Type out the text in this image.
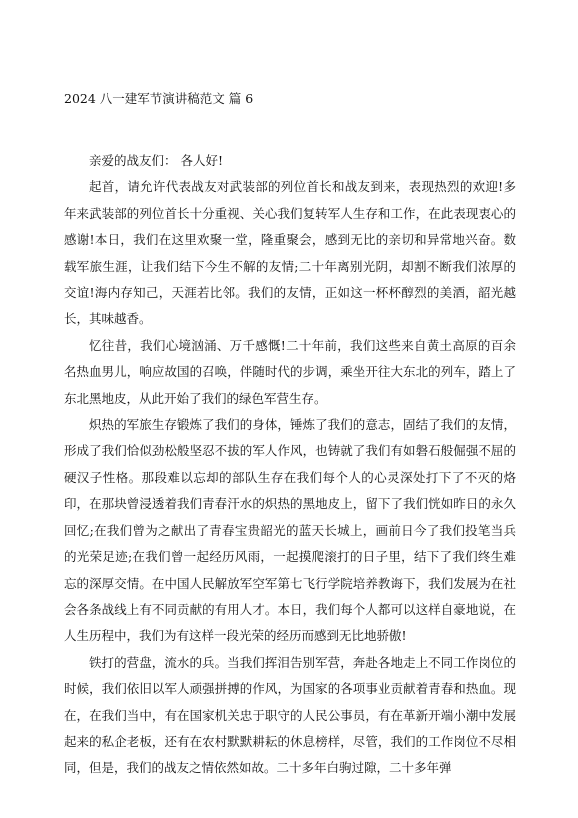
2024 八一建军节演讲稿范文 篇 6

亲爱的战友们： 各人好!

起首，请允许代表战友对武装部的列位首长和战友到来，表现热烈的欢迎!多年来武装部的列位首长十分重视、关心我们复转军人生存和工作，在此表现衷心的感谢!本日，我们在这里欢聚一堂，隆重聚会，感到无比的亲切和异常地兴奋。数载军旅生涯，让我们结下今生不解的友情;二十年离别光阴，却割不断我们浓厚的交谊!海内存知己，天涯若比邻。我们的友情，正如这一杯杯醇烈的美酒，韶光越长，其味越香。

忆往昔，我们心境汹涌、万千感慨!二十年前，我们这些来自黄土高原的百余名热血男儿，响应故国的召唤，伴随时代的步调，乘坐开往大东北的列车，踏上了东北黑地皮，从此开始了我们的绿色军营生存。

炽热的军旅生存锻炼了我们的身体，锤炼了我们的意志，固结了我们的友情，形成了我们恰似劲松般坚忍不拔的军人作风，也铸就了我们有如磐石般倔强不屈的硬汉子性格。那段难以忘却的部队生存在我们每个人的心灵深处打下了不灭的烙印，在那块曾浸透着我们青春汗水的炽热的黑地皮上，留下了我们恍如昨日的永久回忆;在我们曾为之献出了青春宝贵韶光的蓝天长城上，画前日今了我们投笔当兵的光荣足迹;在我们曾一起经历风雨，一起摸爬滚打的日子里，结下了我们终生难忘的深厚交情。在中国人民解放军空军第七飞行学院培养教诲下，我们发展为在社会各条战线上有不同贡献的有用人才。本日，我们每个人都可以这样自豪地说，在人生历程中，我们为有这样一段光荣的经历而感到无比地骄傲!

铁打的营盘，流水的兵。当我们挥泪告别军营，奔赴各地走上不同工作岗位的时候，我们依旧以军人顽强拼搏的作风，为国家的各项事业贡献着青春和热血。现在，在我们当中，有在国家机关忠于职守的人民公事员，有在革新开端小潮中发展起来的私企老板，还有在农村默默耕耘的休息榜样，尽管，我们的工作岗位不尽相同，但是，我们的战友之情依然如故。二十多年白驹过隙，二十多年弹
